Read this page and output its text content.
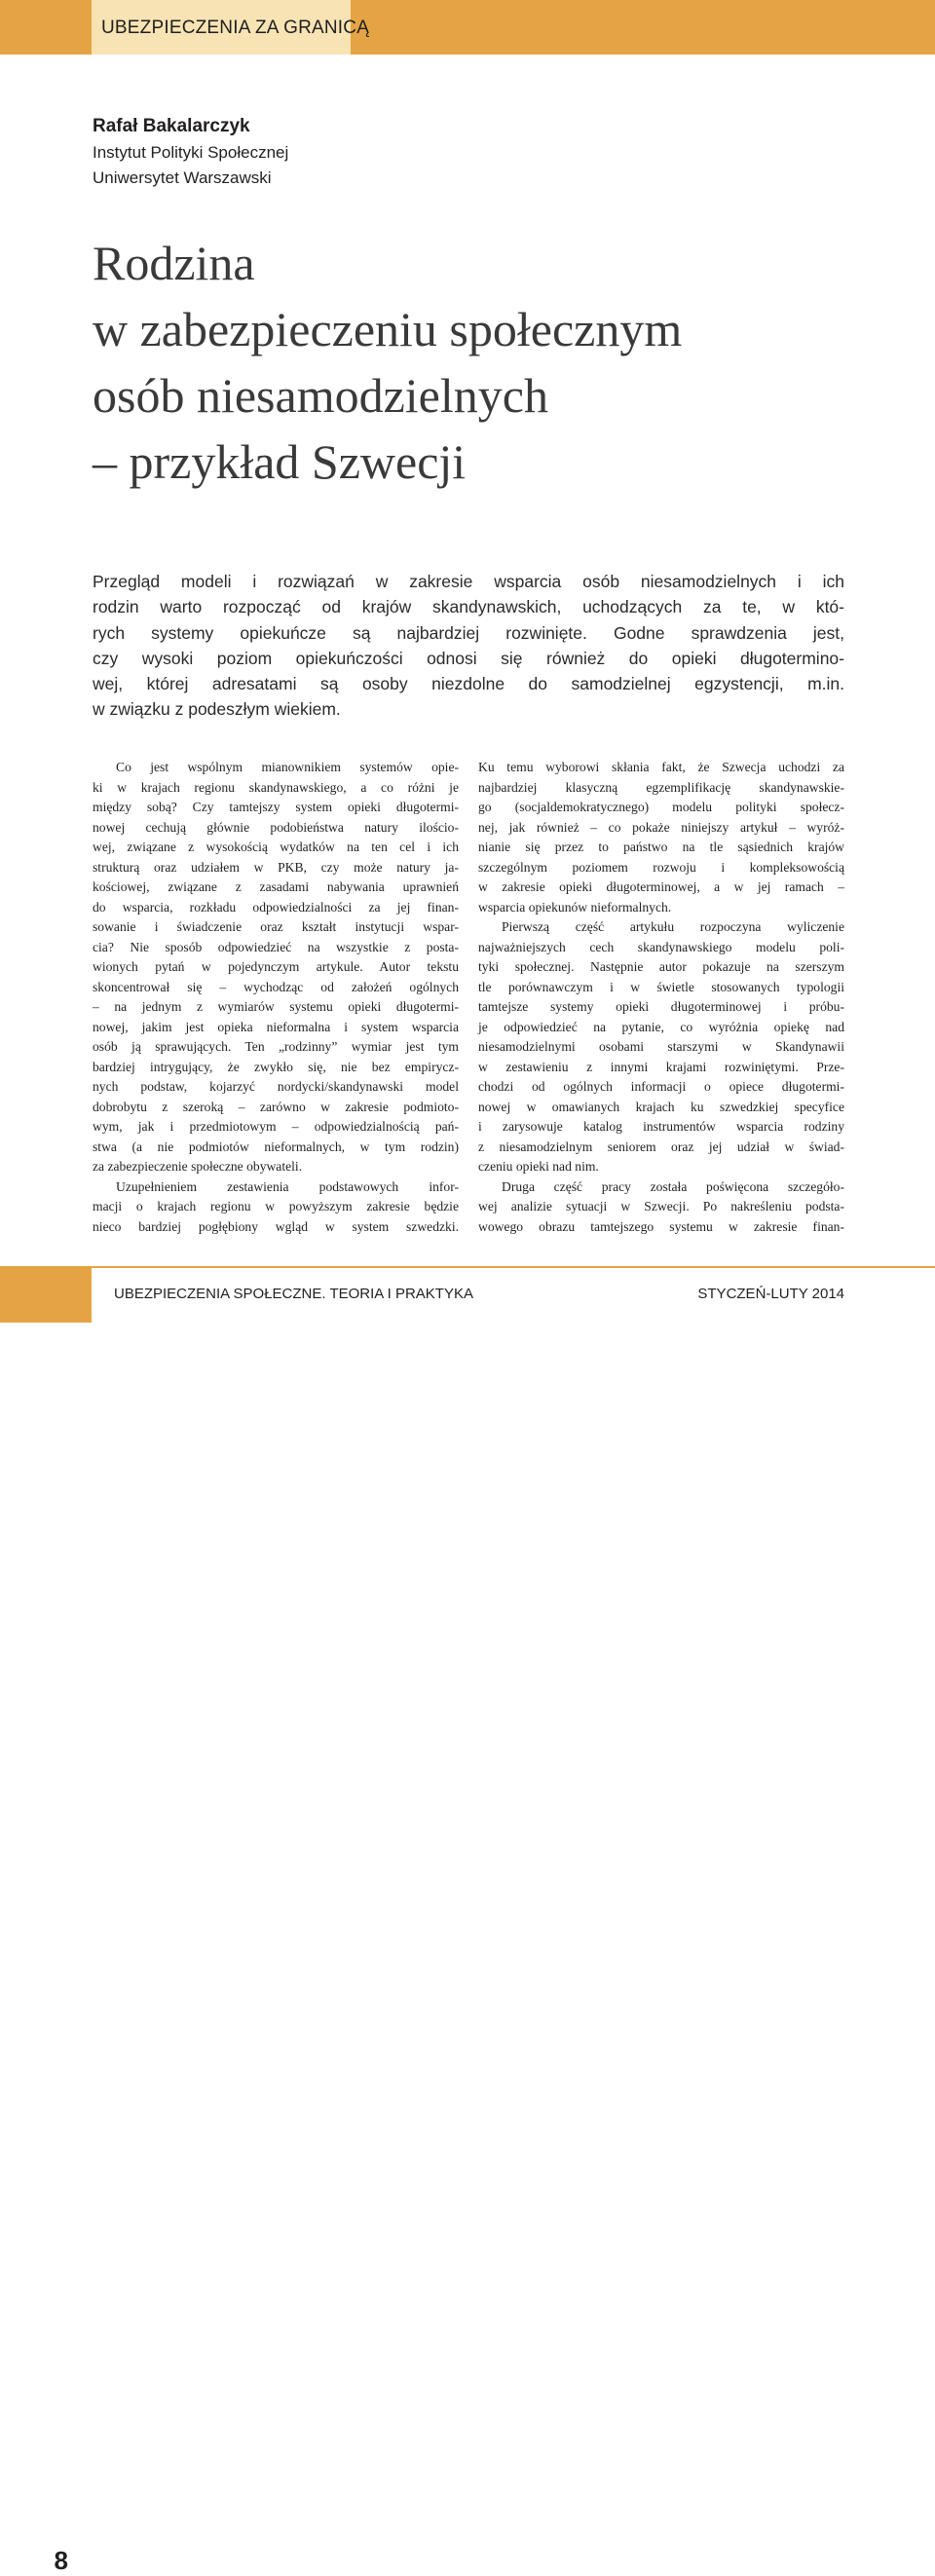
UBEZPIECZENIA ZA GRANICĄ
Rafał Bakalarczyk
Instytut Polityki Społecznej
Uniwersytet Warszawski
Rodzina
w zabezpieczeniu społecznym
osób niesamodzielnych
– przykład Szwecji

Przegląd modeli i rozwiązań w zakresie wsparcia osób niesamodzielnych i ich
rodzin warto rozpocząć od krajów skandynawskich, uchodzących za te, w któ-
rych systemy opiekuńcze są najbardziej rozwinięte. Godne sprawdzenia jest,
czy wysoki poziom opiekuńczości odnosi się również do opieki długotermino-
wej, której adresatami są osoby niezdolne do samodzielnej egzystencji, m.in.
w związku z podeszłym wiekiem.

Co jest wspólnym mianownikiem systemów opie-
ki w krajach regionu skandynawskiego, a co różni je
między sobą? Czy tamtejszy system opieki długotermi-
nowej cechują głównie podobieństwa natury ilościo-
wej, związane z wysokością wydatków na ten cel i ich
strukturą oraz udziałem w PKB, czy może natury ja-
kościowej, związane z zasadami nabywania uprawnień
do wsparcia, rozkładu odpowiedzialności za jej finan-
sowanie i świadczenie oraz kształt instytucji wspar-
cia? Nie sposób odpowiedzieć na wszystkie z posta-
wionych pytań w pojedynczym artykule. Autor tekstu
skoncentrował się – wychodząc od założeń ogólnych
– na jednym z wymiarów systemu opieki długotermi-
nowej, jakim jest opieka nieformalna i system wsparcia
osób ją sprawujących. Ten „rodzinny” wymiar jest tym
bardziej intrygujący, że zwykło się, nie bez empirycz-
nych podstaw, kojarzyć nordycki/skandynawski model
dobrobytu z szeroką – zarówno w zakresie podmioto-
wym, jak i przedmiotowym – odpowiedzialnością pań-
stwa (a nie podmiotów nieformalnych, w tym rodzin)
za zabezpieczenie społeczne obywateli.
Uzupełnieniem zestawienia podstawowych infor-
macji o krajach regionu w powyższym zakresie będzie
nieco bardziej pogłębiony wgląd w system szwedzki.
Ku temu wyborowi skłania fakt, że Szwecja uchodzi za
najbardziej klasyczną egzemplifikację skandynawskie-
go (socjaldemokratycznego) modelu polityki społecz-
nej, jak również – co pokaże niniejszy artykuł – wyróż-
nianie się przez to państwo na tle sąsiednich krajów
szczególnym poziomem rozwoju i kompleksowością
w zakresie opieki długoterminowej, a w jej ramach –
wsparcia opiekunów nieformalnych.
Pierwszą część artykułu rozpoczyna wyliczenie
najważniejszych cech skandynawskiego modelu poli-
tyki społecznej. Następnie autor pokazuje na szerszym
tle porównawczym i w świetle stosowanych typologii
tamtejsze systemy opieki długoterminowej i próbu-
je odpowiedzieć na pytanie, co wyróżnia opiekę nad
niesamodzielnymi osobami starszymi w Skandynawii
w zestawieniu z innymi krajami rozwiniętymi. Prze-
chodzi od ogólnych informacji o opiece długotermi-
nowej w omawianych krajach ku szwedzkiej specyfice
i zarysowuje katalog instrumentów wsparcia rodziny
z niesamodzielnym seniorem oraz jej udział w świad-
czeniu opieki nad nim.
Druga część pracy została poświęcona szczegóło-
wej analizie sytuacji w Szwecji. Po nakreśleniu podsta-
wowego obrazu tamtejszego systemu w zakresie finan-
8
UBEZPIECZENIA SPOŁECZNE. TEORIA I PRAKTYKA	STYCZEŃ-LUTY 2014
